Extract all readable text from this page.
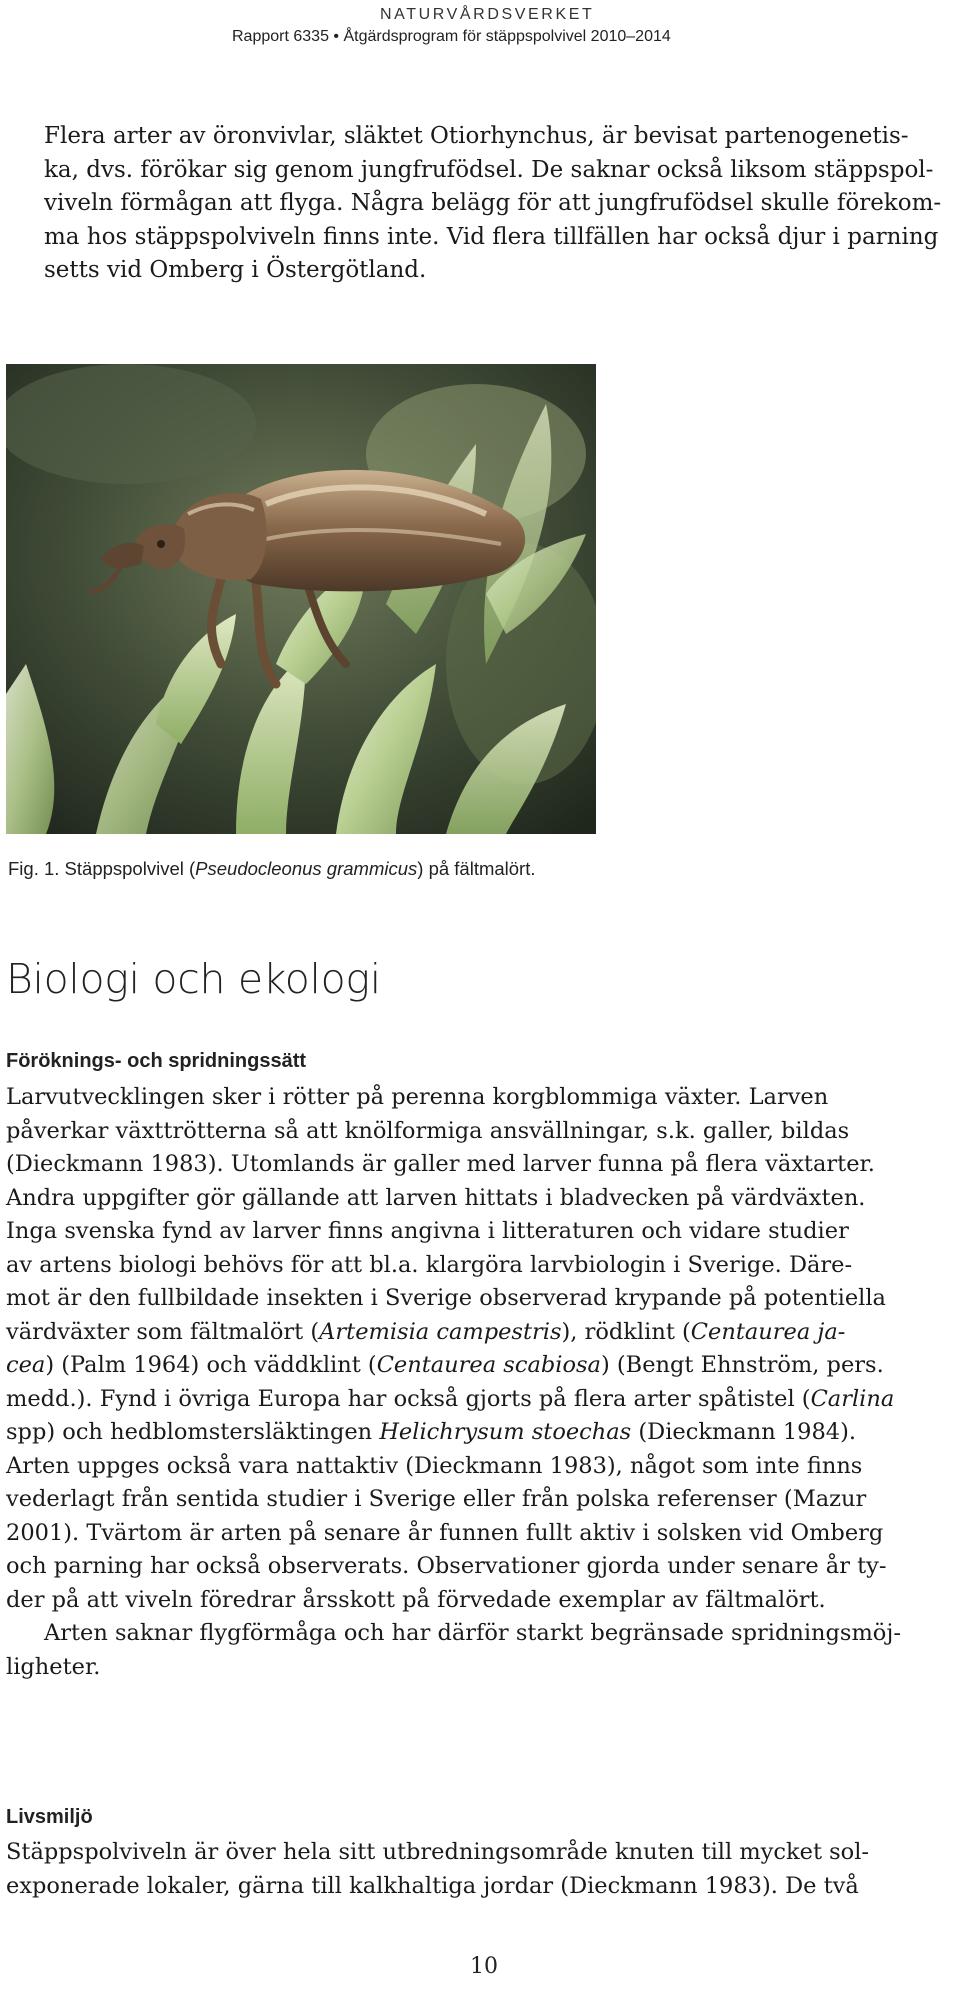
NATURVÅRDSVERKET
Rapport 6335 • Åtgärdsprogram för stäppspolvivel 2010–2014

Flera arter av öronvivlar, släktet Otiorhynchus, är bevisat partenogenetis-
ka, dvs. förökar sig genom jungfrufödsel. De saknar också liksom stäppspol-
viveln förmågan att flyga. Några belägg för att jungfrufödsel skulle förekom-
ma hos stäppspolviveln finns inte. Vid flera tillfällen har också djur i parning
setts vid Omberg i Östergötland.

Fig. 1. Stäppspolvivel (Pseudocleonus grammicus) på fältmalört.
Biologi och ekologi
Föröknings- och spridningssätt

Larvutvecklingen sker i rötter på perenna korgblommiga växter. Larven
påverkar växttrötterna så att knölformiga ansvällningar, s.k. galler, bildas
(Dieckmann 1983). Utomlands är galler med larver funna på flera växtarter.
Andra uppgifter gör gällande att larven hittats i bladvecken på värdväxten.
Inga svenska fynd av larver finns angivna i litteraturen och vidare studier
av artens biologi behövs för att bl.a. klargöra larvbiologin i Sverige. Däre-
mot är den fullbildade insekten i Sverige observerad krypande på potentiella
värdväxter som fältmalört (Artemisia campestris), rödklint (Centaurea ja-
cea) (Palm 1964) och väddklint (Centaurea scabiosa) (Bengt Ehnström, pers.
medd.). Fynd i övriga Europa har också gjorts på flera arter spåtistel (Carlina
spp) och hedblomstersläktingen Helichrysum stoechas (Dieckmann 1984).
Arten uppges också vara nattaktiv (Dieckmann 1983), något som inte finns
vederlagt från sentida studier i Sverige eller från polska referenser (Mazur
2001). Tvärtom är arten på senare år funnen fullt aktiv i solsken vid Omberg
och parning har också observerats. Observationer gjorda under senare år ty-
der på att viveln föredrar årsskott på förvedade exemplar av fältmalört.
Arten saknar flygförmåga och har därför starkt begränsade spridningsmöj-
ligheter.

Livsmiljö

Stäppspolviveln är över hela sitt utbredningsområde knuten till mycket sol-
exponerade lokaler, gärna till kalkhaltiga jordar (Dieckmann 1983). De två

10
